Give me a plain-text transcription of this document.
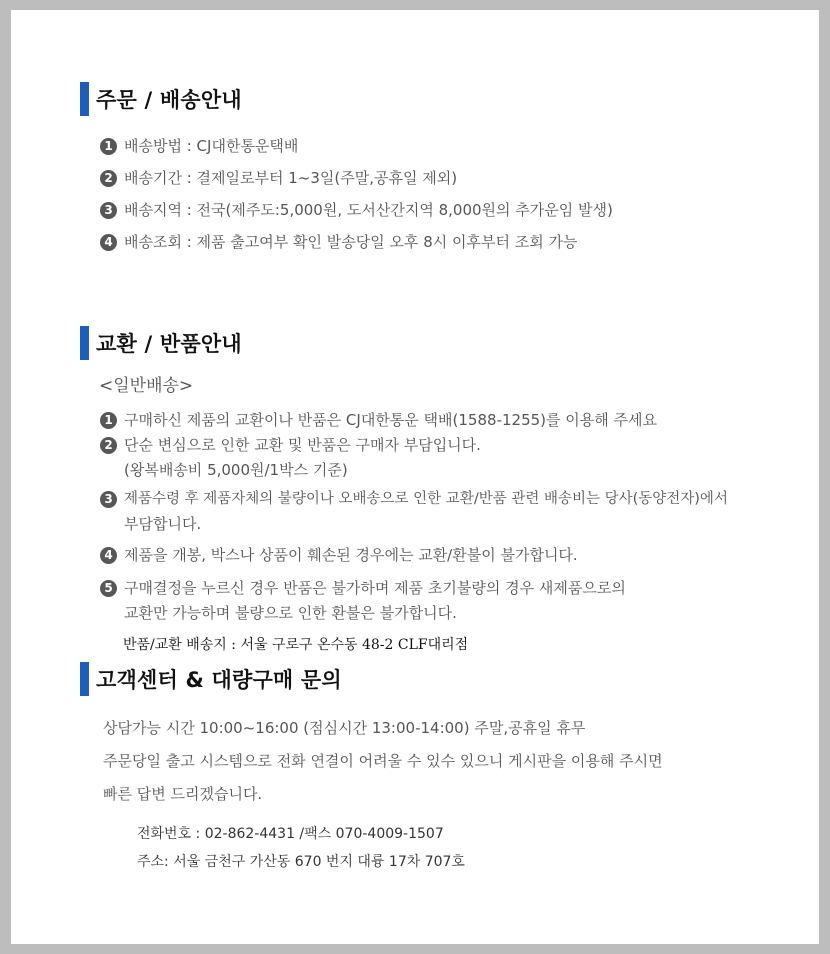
주문 / 배송안내
1 배송방법 : CJ대한통운택배
2 배송기간 : 결제일로부터 1~3일(주말,공휴일 제외)
3 배송지역 : 전국(제주도:5,000원, 도서산간지역 8,000원의 추가운임 발생)
4 배송조회 : 제품 출고여부 확인 발송당일 오후 8시 이후부터 조회 가능
교환 / 반품안내
<일반배송>
1 구매하신 제품의 교환이나 반품은 CJ대한통운 택배(1588-1255)를 이용해 주세요
2 단순 변심으로 인한 교환 및 반품은 구매자 부담입니다.
(왕복배송비 5,000원/1박스 기준)
3 제품수령 후 제품자체의 불량이나 오배송으로 인한 교환/반품 관련 배송비는 당사(동양전자)에서
부담합니다.
4 제품을 개봉, 박스나 상품이 훼손된 경우에는 교환/환불이 불가합니다.
5 구매결정을 누르신 경우 반품은 불가하며 제품 초기불량의 경우 새제품으로의
교환만 가능하며 불량으로 인한 환불은 불가합니다.
반품/교환 배송지 : 서울 구로구 온수동 48-2 CLF대리점
고객센터 & 대량구매 문의
상담가능 시간 10:00~16:00 (점심시간 13:00-14:00) 주말,공휴일 휴무
주문당일 출고 시스템으로 전화 연결이 어려울 수 있수 있으니 게시판을 이용해 주시면
빠른 답변 드리겠습니다.
전화번호 : 02-862-4431 /팩스 070-4009-1507
주소: 서울 금천구 가산동 670 번지 대륭 17차 707호
